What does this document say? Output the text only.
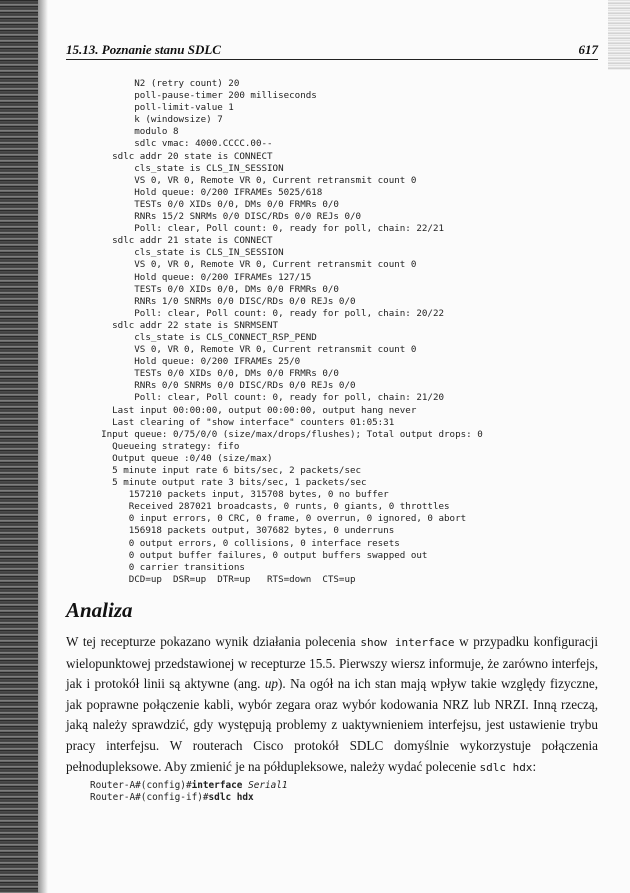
15.13. Poznanie stanu SDLC	617
N2 (retry count) 20
poll-pause-timer 200 milliseconds
poll-limit-value 1
k (windowsize) 7
modulo 8
sdlc vmac: 4000.CCCC.00--
sdlc addr 20 state is CONNECT
cls_state is CLS_IN_SESSION
VS 0, VR 0, Remote VR 0, Current retransmit count 0
Hold queue: 0/200 IFRAMEs 5025/618
TESTs 0/0 XIDs 0/0, DMs 0/0 FRMRs 0/0
RNRs 15/2 SNRMs 0/0 DISC/RDs 0/0 REJs 0/0
Poll: clear, Poll count: 0, ready for poll, chain: 22/21
sdlc addr 21 state is CONNECT
cls_state is CLS_IN_SESSION
VS 0, VR 0, Remote VR 0, Current retransmit count 0
Hold queue: 0/200 IFRAMEs 127/15
TESTs 0/0 XIDs 0/0, DMs 0/0 FRMRs 0/0
RNRs 1/0 SNRMs 0/0 DISC/RDs 0/0 REJs 0/0
Poll: clear, Poll count: 0, ready for poll, chain: 20/22
sdlc addr 22 state is SNRMSENT
cls_state is CLS_CONNECT_RSP_PEND
VS 0, VR 0, Remote VR 0, Current retransmit count 0
Hold queue: 0/200 IFRAMEs 25/0
TESTs 0/0 XIDs 0/0, DMs 0/0 FRMRs 0/0
RNRs 0/0 SNRMs 0/0 DISC/RDs 0/0 REJs 0/0
Poll: clear, Poll count: 0, ready for poll, chain: 21/20
Last input 00:00:00, output 00:00:00, output hang never
Last clearing of "show interface" counters 01:05:31
Input queue: 0/75/0/0 (size/max/drops/flushes); Total output drops: 0
Queueing strategy: fifo
Output queue :0/40 (size/max)
5 minute input rate 6 bits/sec, 2 packets/sec
5 minute output rate 3 bits/sec, 1 packets/sec
157210 packets input, 315708 bytes, 0 no buffer
Received 287021 broadcasts, 0 runts, 0 giants, 0 throttles
0 input errors, 0 CRC, 0 frame, 0 overrun, 0 ignored, 0 abort
156918 packets output, 307682 bytes, 0 underruns
0 output errors, 0 collisions, 0 interface resets
0 output buffer failures, 0 output buffers swapped out
0 carrier transitions
DCD=up  DSR=up  DTR=up   RTS=down  CTS=up
Analiza

W tej recepturze pokazano wynik działania polecenia show interface w przypadku konfiguracji wielopunktowej przedstawionej w recepturze 15.5. Pierwszy wiersz informuje, że zarówno interfejs, jak i protokół linii są aktywne (ang. up). Na ogół na ich stan mają wpływ takie względy fizyczne, jak poprawne połączenie kabli, wybór zegara oraz wybór kodowania NRZ lub NRZI. Inną rzeczą, jaką należy sprawdzić, gdy występują problemy z uaktywnieniem interfejsu, jest ustawienie trybu pracy interfejsu. W routerach Cisco protokół SDLC domyślnie wykorzystuje połączenia pełnodupleksowe. Aby zmienić je na półdupleksowe, należy wydać polecenie sdlc hdx:

Router-A#(config)#interface Serial1
Router-A#(config-if)#sdlc hdx
